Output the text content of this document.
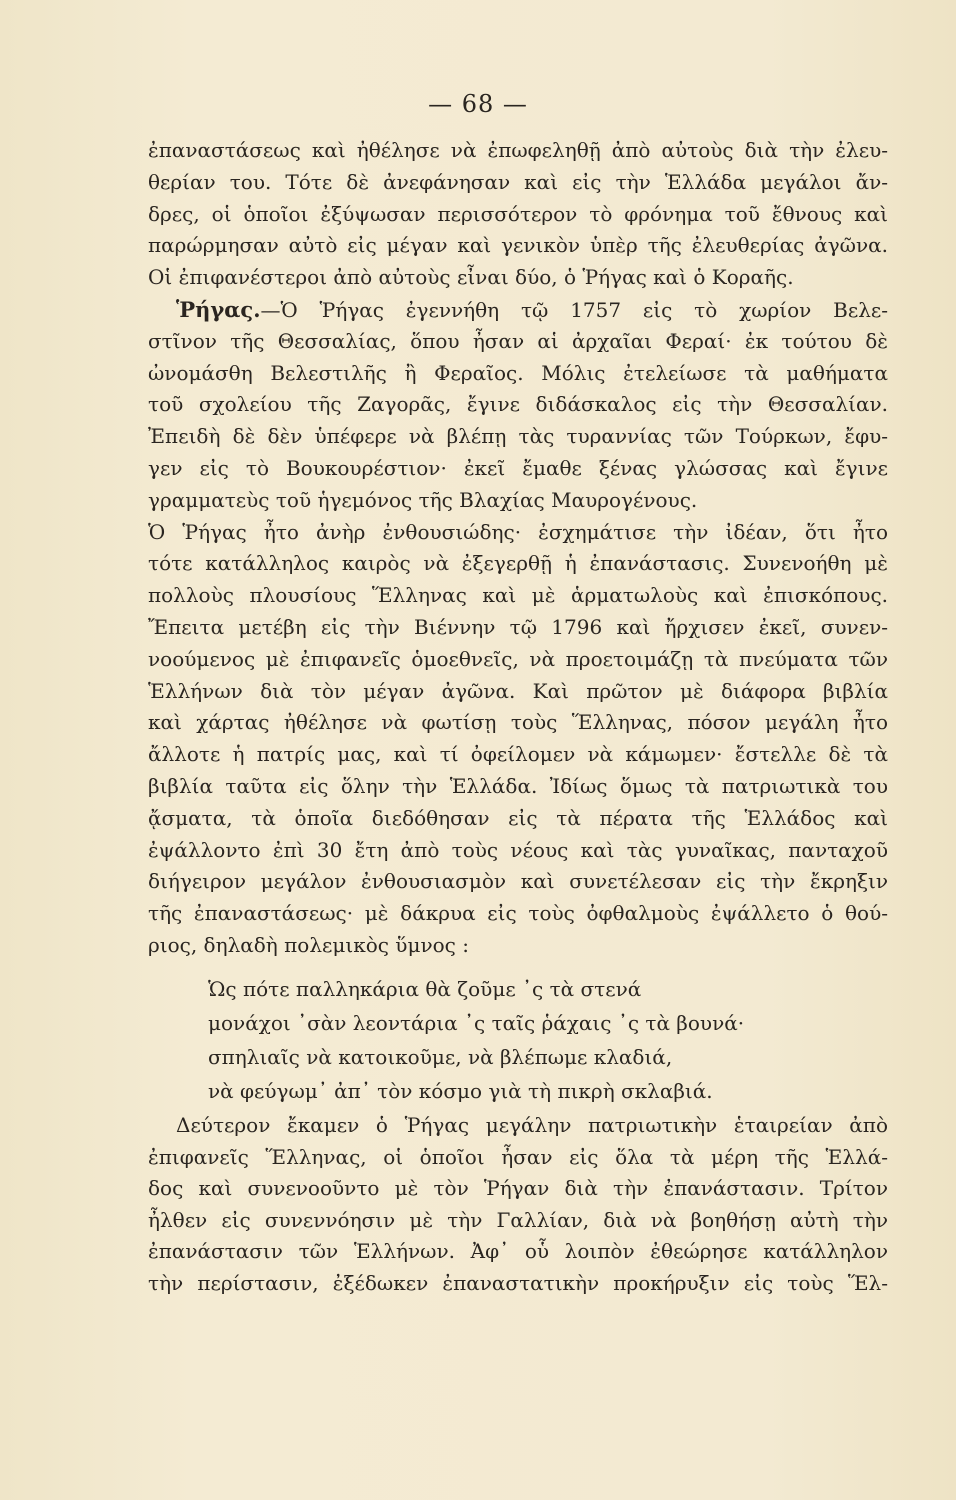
— 68 —
ἐπαναστάσεως καὶ ἠθέλησε νὰ ἐπωφεληθῇ ἀπὸ αὐτοὺς διὰ τὴν ἐλευ-
θερίαν του. Τότε δὲ ἀνεφάνησαν καὶ εἰς τὴν Ἑλλάδα μεγάλοι ἄν-
δρες, οἱ ὁποῖοι ἐξύψωσαν περισσότερον τὸ φρόνημα τοῦ ἔθνους καὶ
παρώρμησαν αὐτὸ εἰς μέγαν καὶ γενικὸν ὑπὲρ τῆς ἐλευθερίας ἀγῶνα.
Οἱ ἐπιφανέστεροι ἀπὸ αὐτοὺς εἶναι δύο, ὁ Ῥήγας καὶ ὁ Κοραῆς.
Ῥήγας.—Ὁ Ῥήγας ἐγεννήθη τῷ 1757 εἰς τὸ χωρίον Βελε-
στῖνον τῆς Θεσσαλίας, ὅπου ἦσαν αἱ ἀρχαῖαι Φεραί· ἐκ τούτου δὲ
ὠνομάσθη Βελεστιλῆς ἢ Φεραῖος. Μόλις ἐτελείωσε τὰ μαθήματα
τοῦ σχολείου τῆς Ζαγορᾶς, ἔγινε διδάσκαλος εἰς τὴν Θεσσαλίαν.
Ἐπειδὴ δὲ δὲν ὑπέφερε νὰ βλέπῃ τὰς τυραννίας τῶν Τούρκων, ἔφυ-
γεν εἰς τὸ Βουκουρέστιον· ἐκεῖ ἔμαθε ξένας γλώσσας καὶ ἔγινε
γραμματεὺς τοῦ ἡγεμόνος τῆς Βλαχίας Μαυρογένους.
Ὁ Ῥήγας ἦτο ἀνὴρ ἐνθουσιώδης· ἐσχημάτισε τὴν ἰδέαν, ὅτι ἦτο
τότε κατάλληλος καιρὸς νὰ ἐξεγερθῇ ἡ ἐπανάστασις. Συνενοήθη μὲ
πολλοὺς πλουσίους Ἕλληνας καὶ μὲ ἁρματωλοὺς καὶ ἐπισκόπους.
Ἔπειτα μετέβη εἰς τὴν Βιέννην τῷ 1796 καὶ ἤρχισεν ἐκεῖ, συνεν-
νοούμενος μὲ ἐπιφανεῖς ὁμοεθνεῖς, νὰ προετοιμάζῃ τὰ πνεύματα τῶν
Ἑλλήνων διὰ τὸν μέγαν ἀγῶνα. Καὶ πρῶτον μὲ διάφορα βιβλία
καὶ χάρτας ἠθέλησε νὰ φωτίσῃ τοὺς Ἕλληνας, πόσον μεγάλη ἦτο
ἄλλοτε ἡ πατρίς μας, καὶ τί ὀφείλομεν νὰ κάμωμεν· ἔστελλε δὲ τὰ
βιβλία ταῦτα εἰς ὅλην τὴν Ἑλλάδα. Ἰδίως ὅμως τὰ πατριωτικὰ του
ᾄσματα, τὰ ὁποῖα διεδόθησαν εἰς τὰ πέρατα τῆς Ἑλλάδος καὶ
ἐψάλλοντο ἐπὶ 30 ἔτη ἀπὸ τοὺς νέους καὶ τὰς γυναῖκας, πανταχοῦ
διήγειρον μεγάλον ἐνθουσιασμὸν καὶ συνετέλεσαν εἰς τὴν ἔκρηξιν
τῆς ἐπαναστάσεως· μὲ δάκρυα εἰς τοὺς ὀφθαλμοὺς ἐψάλλετο ὁ θού-
ριος, δηλαδὴ πολεμικὸς ὕμνος :
Ὡς πότε παλληκάρια θὰ ζοῦμε ᾿ς τὰ στενά
μονάχοι ᾿σὰν λεοντάρια ᾿ς ταῖς ῥάχαις ᾿ς τὰ βουνά·
σπηλιαῖς νὰ κατοικοῦμε, νὰ βλέπωμε κλαδιά,
νὰ φεύγωμ᾿ ἀπ᾿ τὸν κόσμο γιὰ τὴ πικρὴ σκλαβιά.
Δεύτερον ἔκαμεν ὁ Ῥήγας μεγάλην πατριωτικὴν ἑταιρείαν ἀπὸ
ἐπιφανεῖς Ἕλληνας, οἱ ὁποῖοι ἦσαν εἰς ὅλα τὰ μέρη τῆς Ἑλλά-
δος καὶ συνενοοῦντο μὲ τὸν Ῥήγαν διὰ τὴν ἐπανάστασιν. Τρίτον
ἦλθεν εἰς συνεννόησιν μὲ τὴν Γαλλίαν, διὰ νὰ βοηθήσῃ αὐτὴ τὴν
ἐπανάστασιν τῶν Ἑλλήνων. Ἀφ᾿ οὗ λοιπὸν ἐθεώρησε κατάλληλον
τὴν περίστασιν, ἐξέδωκεν ἐπαναστατικὴν προκήρυξιν εἰς τοὺς Ἕλ-
